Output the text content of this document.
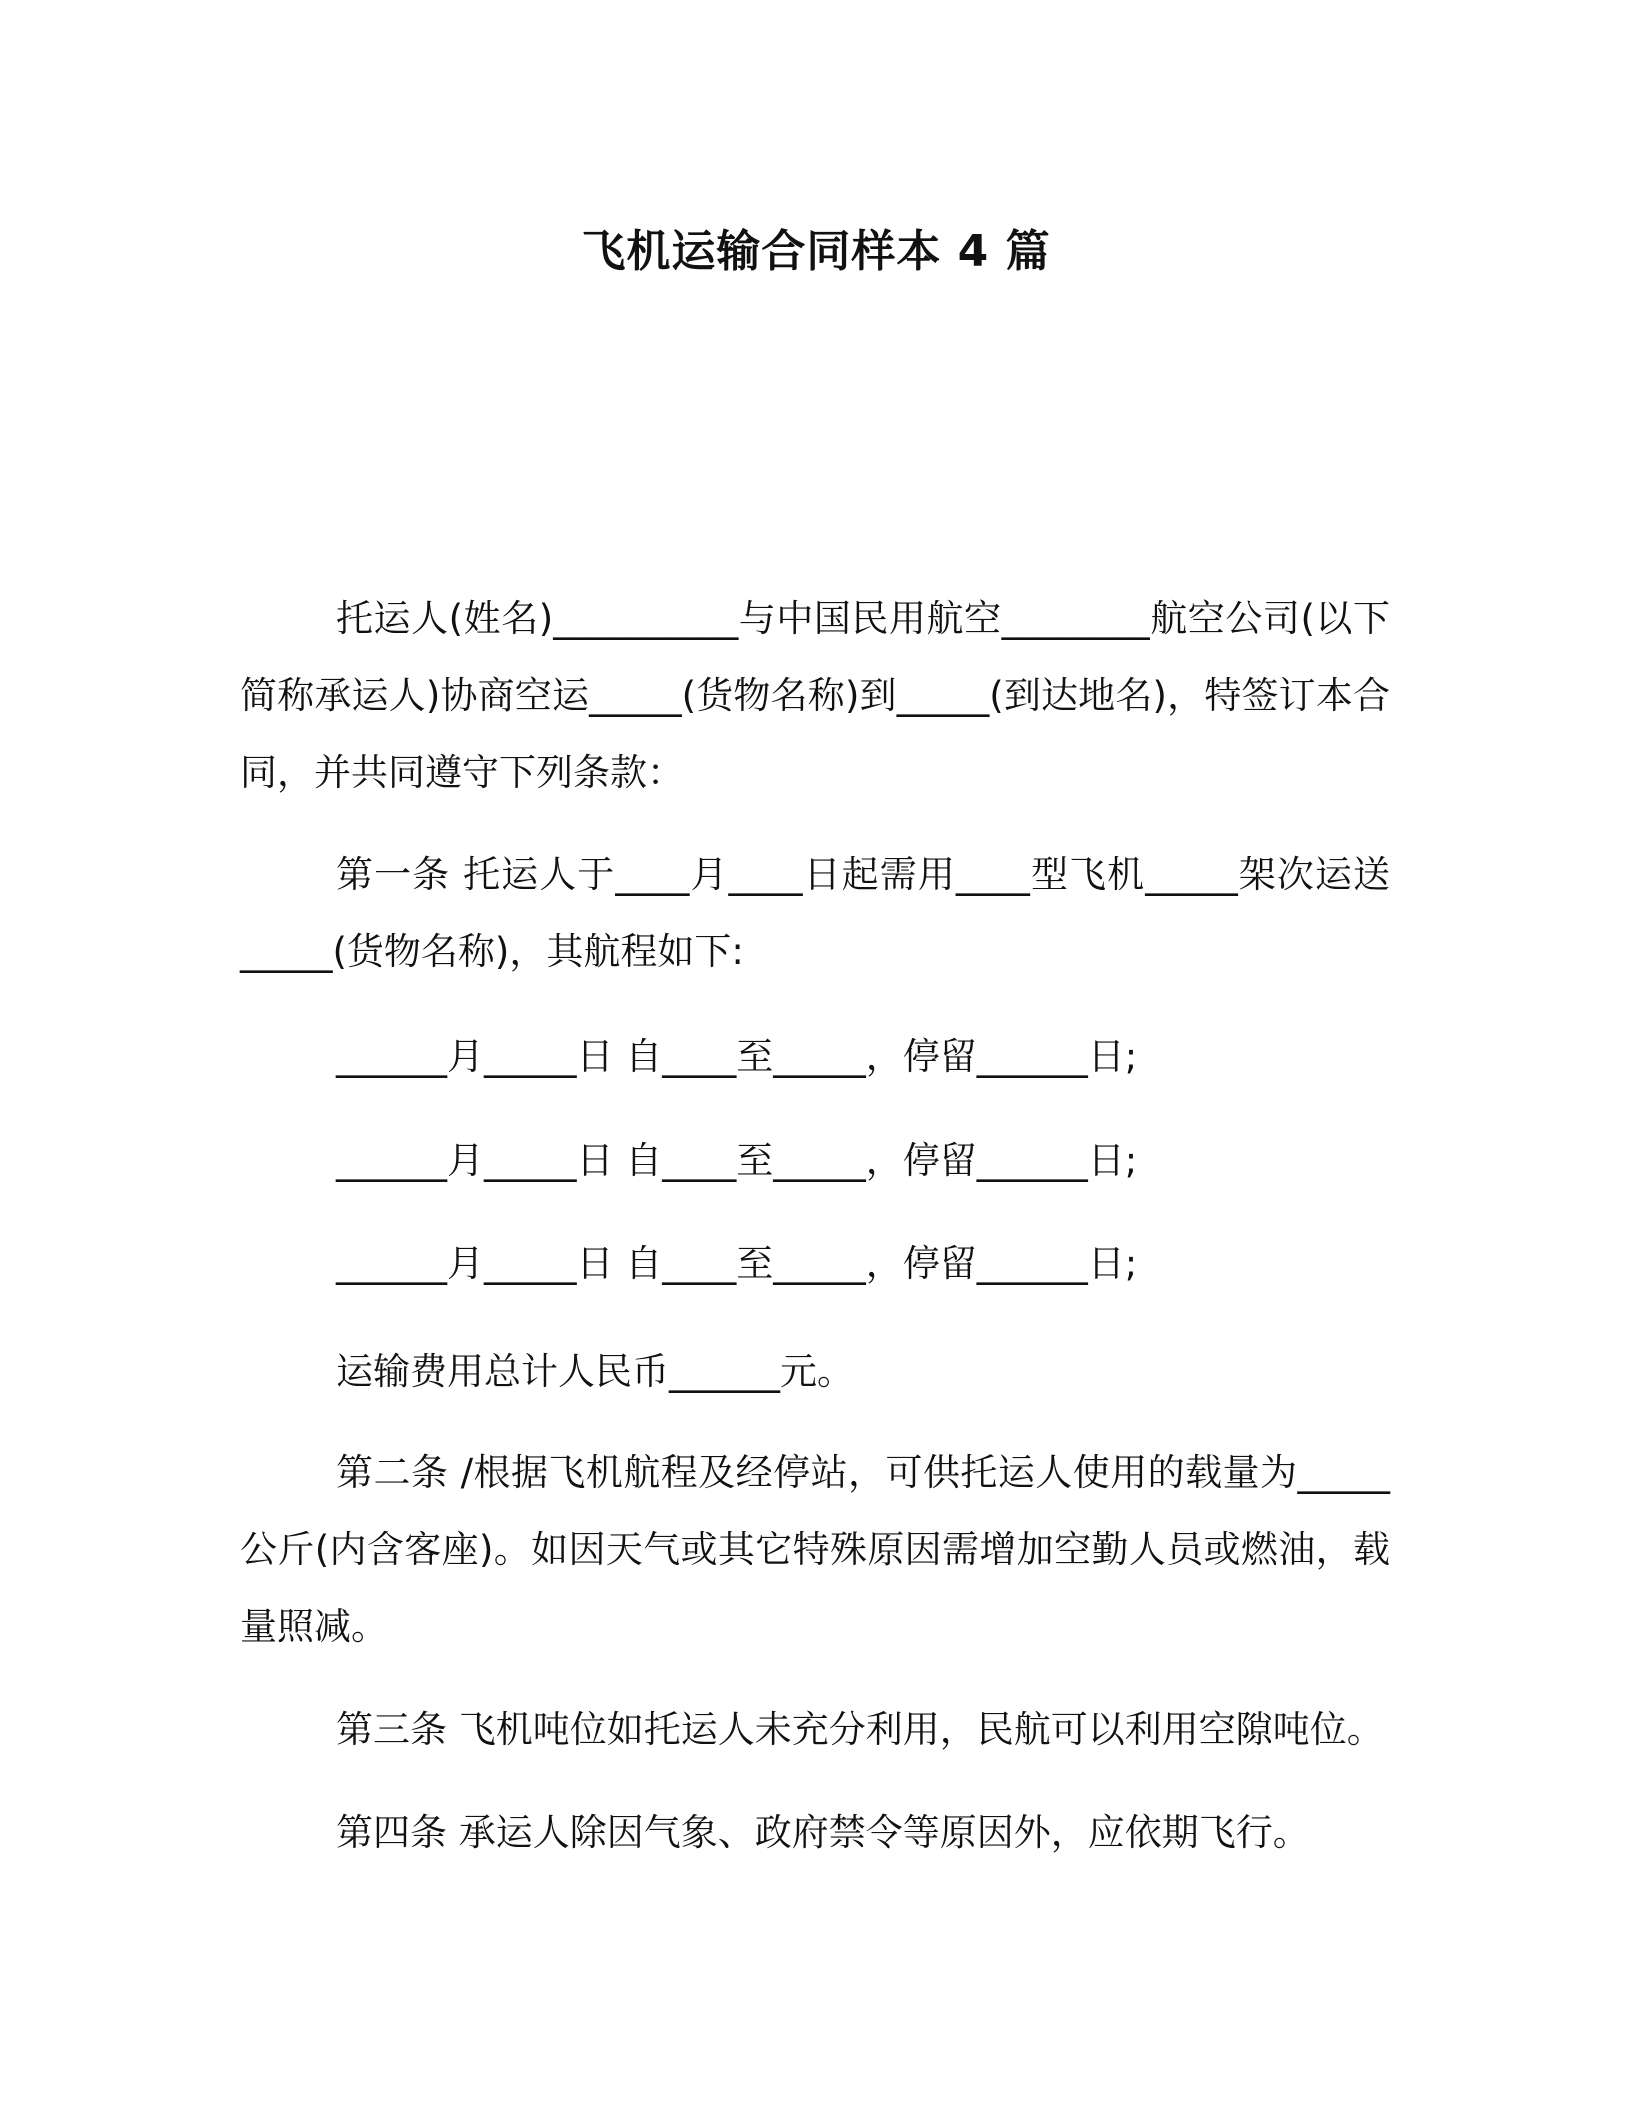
飞机运输合同样本 4 篇

托运人(姓名)__________与中国民用航空________航空公司(以下简称承运人)协商空运_____(货物名称)到_____(到达地名)，特签订本合同，并共同遵守下列条款：

第一条 托运人于____月____日起需用____型飞机_____架次运送_____(货物名称)，其航程如下:

______月_____日 自____至_____，停留______日;
______月_____日 自____至_____，停留______日;
______月_____日 自____至_____，停留______日;

运输费用总计人民币______元。

第二条 /根据飞机航程及经停站，可供托运人使用的载量为_____公斤(内含客座)。如因天气或其它特殊原因需增加空勤人员或燃油，载量照减。

第三条 飞机吨位如托运人未充分利用，民航可以利用空隙吨位。

第四条 承运人除因气象、政府禁令等原因外，应依期飞行。
